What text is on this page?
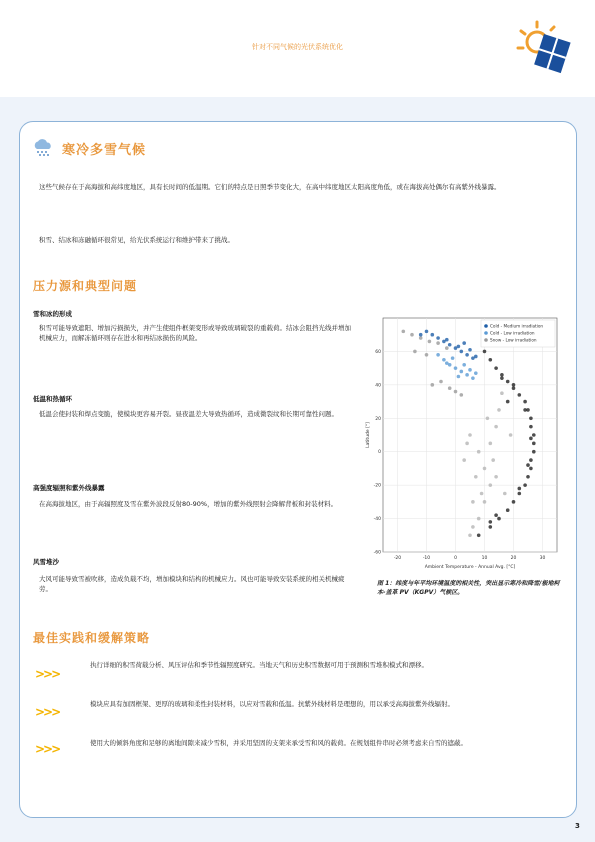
针对不同气候的光伏系统优化
寒冷多雪气候
这些气候存在于高海拔和高纬度地区，具有长时间的低温期。它们的特点是日照季节变化大，在高中纬度地区太阳高度角低，或在海拔高处偶尔有高紫外线暴露。
积雪、结冰和冻融循环很常见，给光伏系统运行和维护带来了挑战。
压力源和典型问题
雪和冰的形成
积雪可能导致遮阳、增加污损损失，并产生使组件框架变形或导致玻璃破裂的重载荷。结冰会阻挡光线并增加机械应力，而解冻循环则存在进水和再结冰损伤的风险。
低温和热循环
低温会使封装和焊点变脆，使模块更容易开裂。昼夜温差大导致热循环，造成微裂纹和长期可靠性问题。
高强度辐照和紫外线暴露
在高海拔地区，由于高辐照度及雪在紫外波段反射80-90%，增加的紫外线照射会降解背板和封装材料。
风雪堆沙
大风可能导致雪被吹移，造成负载不均，增加模块和结构的机械应力。风也可能导致安装系统的相关机械疲劳。
最佳实践和缓解策略
>>>
执行详细的积雪荷载分析、风压评估和季节性辐照度研究。当地天气和历史积雪数据可用于预测积雪堆积模式和漂移。
>>>
模块应具有加固框架、更厚的玻璃和柔性封装材料，以应对雪载和低温。抗紫外线材料是理想的，用以承受高海拔紫外线辐射。
>>>	使用大的倾斜角度和足够的离地间隙来减少雪积，并采用坚固的支架来承受雪和风的载荷。在规划组件串时必须考虑来自雪的遮蔽。
-20	-10	0	10	20	30
-60
-40
-20
0
20
40
60
Ambient Temperature - Annual Avg. [°C]
Latitude [°]
Cold - Medium irradiation
Cold - Low irradiation
Snow - Low irradiation
图 1：纬度与年平均环境温度的相关性，突出显示寒冷和降雪/极地柯本-盖革 PV（KGPV）气候区。
3
